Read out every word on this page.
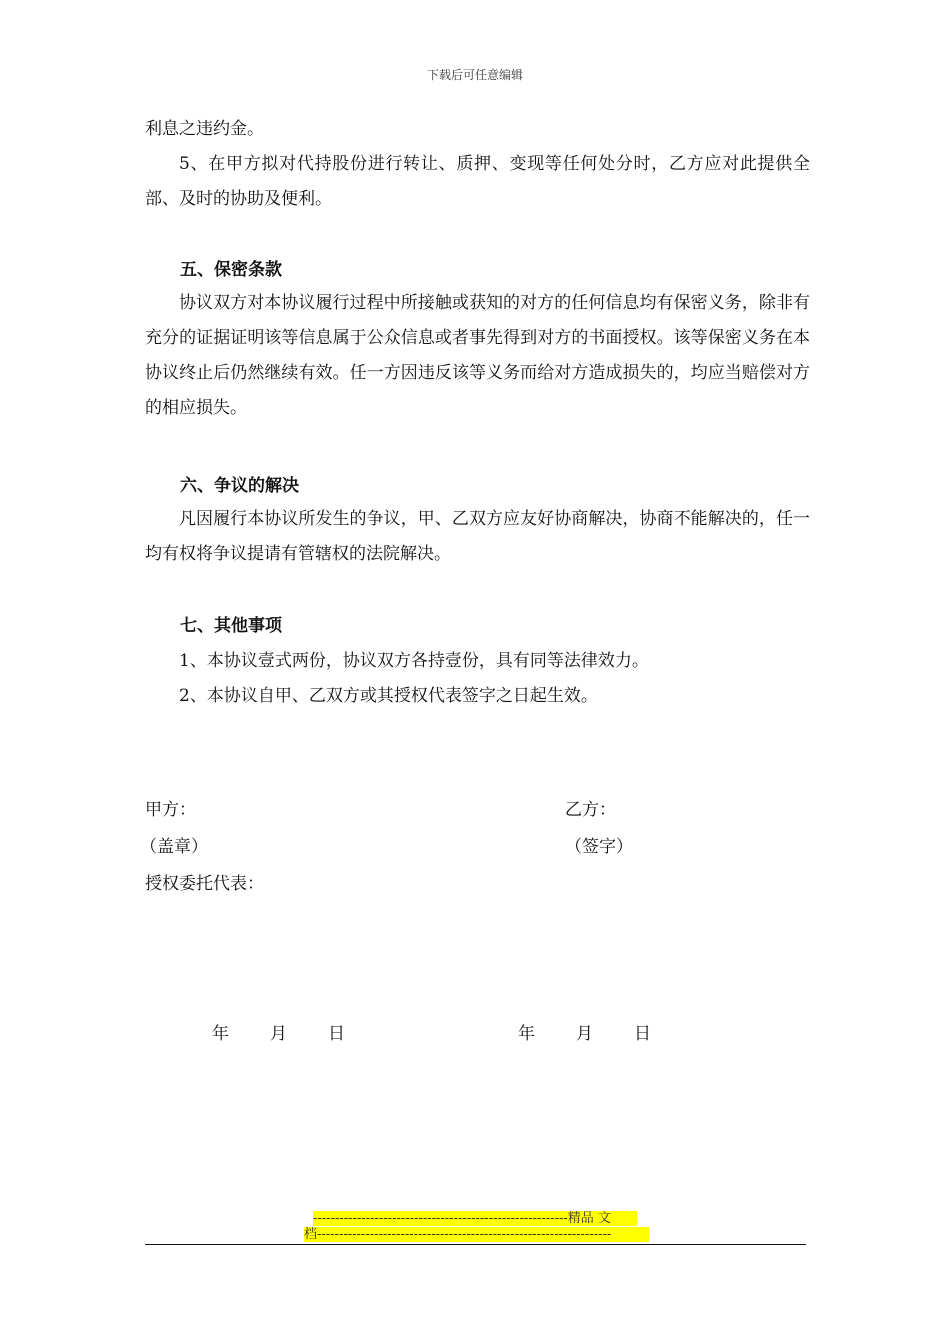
下载后可任意编辑
利息之违约金。
5、在甲方拟对代持股份进行转让、质押、变现等任何处分时，乙方应对此提供全部、及时的协助及便利。
五、保密条款
协议双方对本协议履行过程中所接触或获知的对方的任何信息均有保密义务，除非有充分的证据证明该等信息属于公众信息或者事先得到对方的书面授权。该等保密义务在本协议终止后仍然继续有效。任一方因违反该等义务而给对方造成损失的，均应当赔偿对方的相应损失。
六、争议的解决
凡因履行本协议所发生的争议，甲、乙双方应友好协商解决，协商不能解决的，任一均有权将争议提请有管辖权的法院解决。
七、其他事项
1、本协议壹式两份，协议双方各持壹份，具有同等法律效力。
2、本协议自甲、乙双方或其授权代表签字之日起生效。
甲方：	乙方：
（盖章）	（签字）
授权委托代表：
年 月 日	年 月 日
----------------------------------------------------------精品 文
档-------------------------------------------------------------------
